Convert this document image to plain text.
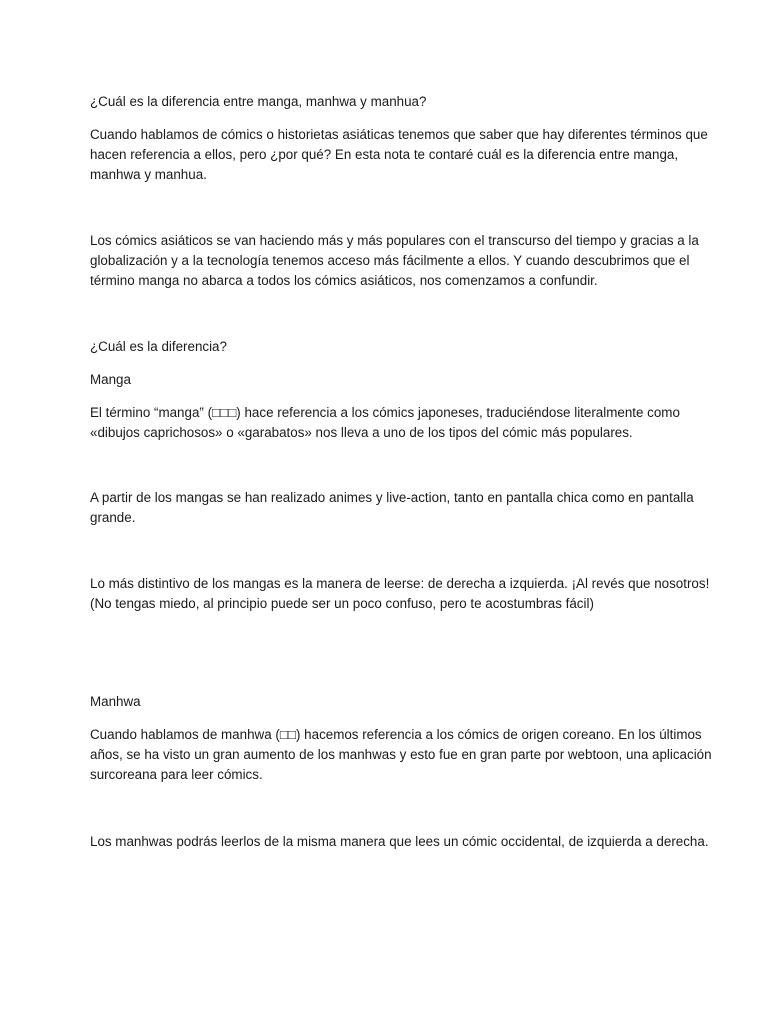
¿Cuál es la diferencia entre manga, manhwa y manhua?

Cuando hablamos de cómics o historietas asiáticas tenemos que saber que hay diferentes términos que

hacen referencia a ellos, pero ¿por qué? En esta nota te contaré cuál es la diferencia entre manga,

manhwa y manhua.

Los cómics asiáticos se van haciendo más y más populares con el transcurso del tiempo y gracias a la

globalización y a la tecnología tenemos acceso más fácilmente a ellos. Y cuando descubrimos que el

término manga no abarca a todos los cómics asiáticos, nos comenzamos a confundir.

¿Cuál es la diferencia?

Manga

El término “manga” (□□□) hace referencia a los cómics japoneses, traduciéndose literalmente como

«dibujos caprichosos» o «garabatos» nos lleva a uno de los tipos del cómic más populares.

A partir de los mangas se han realizado animes y live-action, tanto en pantalla chica como en pantalla

grande.

Lo más distintivo de los mangas es la manera de leerse: de derecha a izquierda. ¡Al revés que nosotros!

(No tengas miedo, al principio puede ser un poco confuso, pero te acostumbras fácil)

Manhwa

Cuando hablamos de manhwa (□□) hacemos referencia a los cómics de origen coreano. En los últimos

años, se ha visto un gran aumento de los manhwas y esto fue en gran parte por webtoon, una aplicación

surcoreana para leer cómics.

Los manhwas podrás leerlos de la misma manera que lees un cómic occidental, de izquierda a derecha.
